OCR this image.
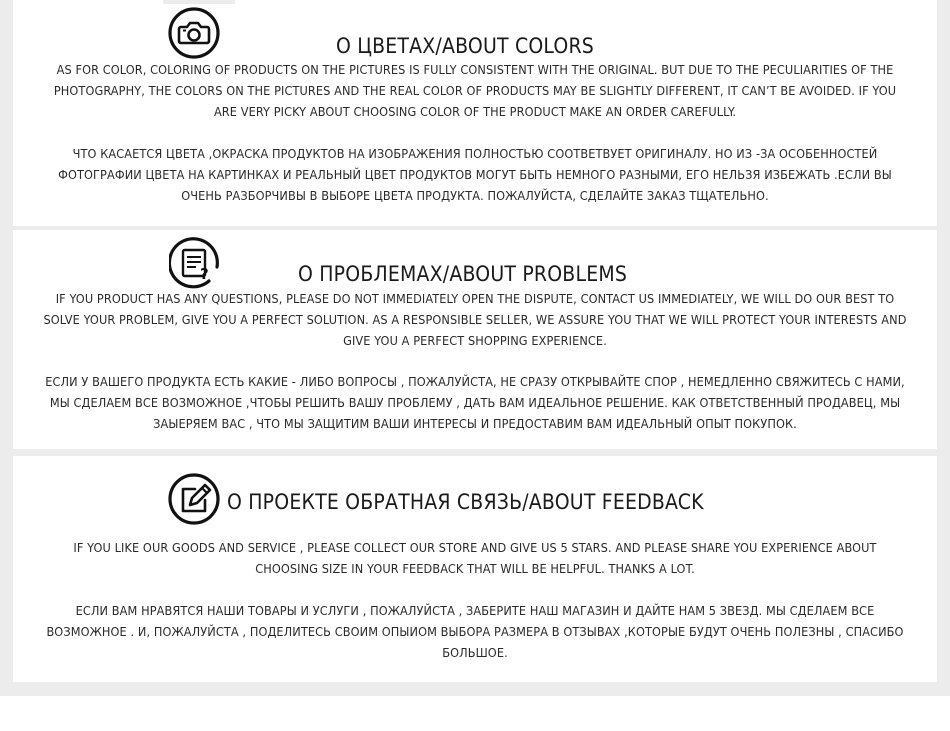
О ЦВЕТАХ/ABOUT COLORS

AS FOR COLOR, COLORING OF PRODUCTS ON THE PICTURES IS FULLY CONSISTENT WITH THE ORIGINAL. BUT DUE TO THE PECULIARITIES OF THE PHOTOGRAPHY, THE COLORS ON THE PICTURES AND THE REAL COLOR OF PRODUCTS MAY BE SLIGHTLY DIFFERENT, IT CAN’T BE AVOIDED. IF YOU ARE VERY PICKY ABOUT CHOOSING COLOR OF THE PRODUCT MAKE AN ORDER CAREFULLY.

ЧТО КАСАЕТСЯ ЦВЕТА ,ОКРАСКА ПРОДУКТОВ НА ИЗОБРАЖЕНИЯ ПОЛНОСТЬЮ СООТВЕТВУЕТ ОРИГИНАЛУ. НО ИЗ -ЗА ОСОБЕННОСТЕЙ ФОТОГРАФИИ ЦВЕТА НА КАРТИНКАХ И РЕАЛЬНЫЙ ЦВЕТ ПРОДУКТОВ МОГУТ БЫТЬ НЕМНОГО РАЗНЫМИ, ЕГО НЕЛЬЗЯ ИЗБЕЖАТЬ .ЕСЛИ ВЫ ОЧЕНЬ РАЗБОРЧИВЫ В ВЫБОРЕ ЦВЕТА ПРОДУКТА. ПОЖАЛУЙСТА, СДЕЛАЙТЕ ЗАКАЗ ТЩАТЕЛЬНО.

?	О ПРОБЛЕМАХ/ABOUT PROBLEMS

IF YOU PRODUCT HAS ANY QUESTIONS, PLEASE DO NOT IMMEDIATELY OPEN THE DISPUTE, CONTACT US IMMEDIATELY, WE WILL DO OUR BEST TO SOLVE YOUR PROBLEM, GIVE YOU A PERFECT SOLUTION. AS A RESPONSIBLE SELLER, WE ASSURE YOU THAT WE WILL PROTECT YOUR INTERESTS AND GIVE YOU A PERFECT SHOPPING EXPERIENCE.

ЕСЛИ У ВАШЕГО ПРОДУКТА ЕСТЬ КАКИЕ - ЛИБО ВОПРОСЫ , ПОЖАЛУЙСТА, НЕ СРАЗУ ОТКРЫВАЙТЕ СПОР , НЕМЕДЛЕННО СВЯЖИТЕСЬ С НАМИ, МЫ СДЕЛАЕМ ВСЕ ВОЗМОЖНОЕ ,ЧТОБЫ РЕШИТЬ ВАШУ ПРОБЛЕМУ , ДАТЬ ВАМ ИДЕАЛЬНОЕ РЕШЕНИЕ. КАК ОТВЕТСТВЕННЫЙ ПРОДАВЕЦ, МЫ ЗАЫЕРЯЕМ ВАС , ЧТО МЫ ЗАЩИТИМ ВАШИ ИНТЕРЕСЫ И ПРЕДОСТАВИМ ВАМ ИДЕАЛЬНЫЙ ОПЫТ ПОКУПОК.

О ПРОЕКТЕ ОБРАТНАЯ СВЯЗЬ/ABOUT FEEDBACK

IF YOU LIKE OUR GOODS AND SERVICE , PLEASE COLLECT OUR STORE AND GIVE US 5 STARS. AND PLEASE SHARE YOU EXPERIENCE ABOUT CHOOSING SIZE IN YOUR FEEDBACK THAT WILL BE HELPFUL. THANKS A LOT.

ЕСЛИ ВАМ НРАВЯТСЯ НАШИ ТОВАРЫ И УСЛУГИ , ПОЖАЛУЙСТА , ЗАБЕРИТЕ НАШ МАГАЗИН И ДАЙТЕ НАМ 5 ЗВЕЗД. МЫ СДЕЛАЕМ ВСЕ ВОЗМОЖНОЕ . И, ПОЖАЛУЙСТА , ПОДЕЛИТЕСЬ СВОИМ ОПЫИОМ ВЫБОРА РАЗМЕРА В ОТЗЫВАХ ,КОТОРЫЕ БУДУТ ОЧЕНЬ ПОЛЕЗНЫ , СПАСИБО БОЛЬШОЕ.
